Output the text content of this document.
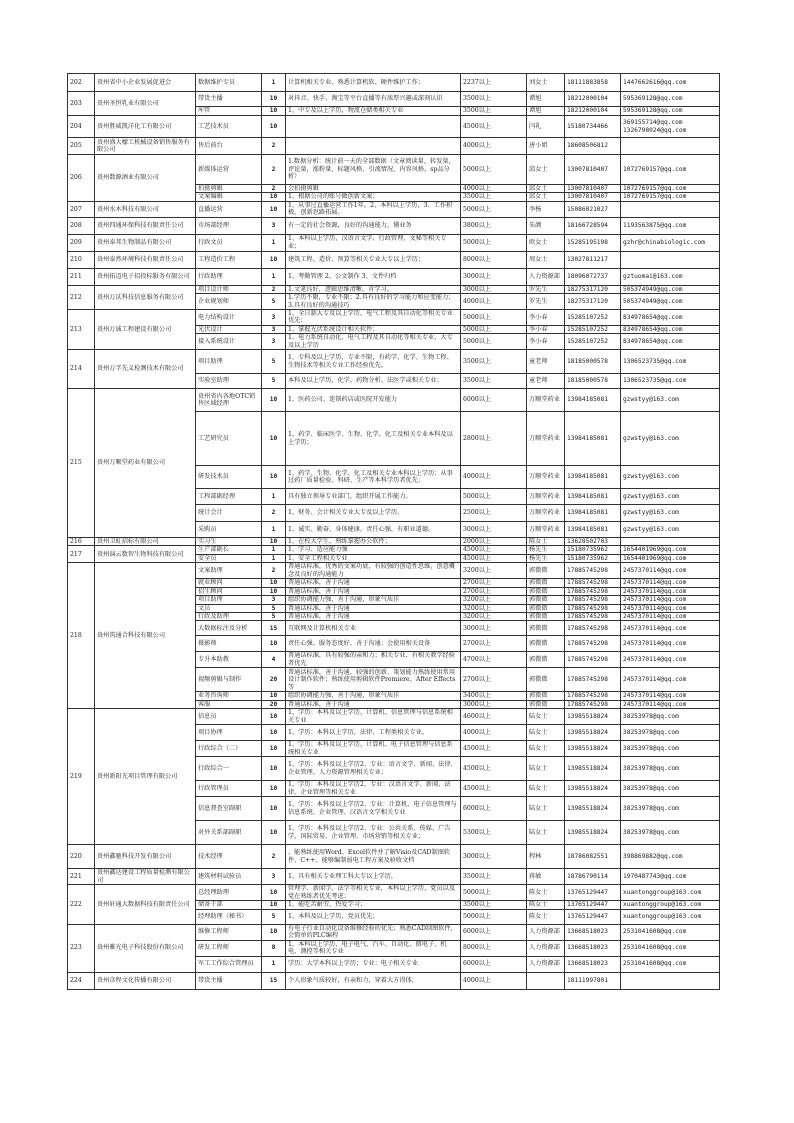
202	贵州省中小企业发展促进会	数据维护专员	1	计算机相关专业、熟悉计算机软、硬件维护工作；	2237以上	刘女士	18111883858	1447662616@qq.com
203	贵州圣恒乳业有限公司	带货主播	10	对抖音、快手、淘宝等平台直播等有浓厚兴趣或深刻认识	3500以上	谭旭	18212000104	595369128@qq.com
		库管	10	1、中专及以上学历，物流仓储类相关专业	3500以上	谭旭	18212000104	595369128@qq.com
204	贵州胜威凯洋化工有限公司	工艺技术员	10		4500以上	闫礼	15180734466	369155714@qq.com
1326798024@qq.com

205	贵州盛大檬工机械设备销售服务有限公司	售后前台	2		4000以上	唐小姐	18608506812	
206	贵州数源酒业有限公司	新媒体运营	2	1.数据分析：统计前一天的全部数据（文章阅读量，转发量，评论量，涨粉量，标题风格，引流情况，内容风格，sp品分析）	5000以上	邱女士	13007810407	1072769157@qq.com
		拍摄剪辑	2	会拍摄剪辑	4000以上	邱女士	13007810407	1072769157@qq.com
		文案编辑	10	1、根据公司的账号做创新文案；	3500以上	邱女士	13007810407	1072769157@qq.com
207	贵州水木科技有限公司	直播运营	10	1、从事过直播运营工作1年。2、本科以上学历，3、工作积极，创新思路拓展。	5000以上	李杨	15086021027	
208	贵州四通环保科技有限责任公司	市场部经理	3	有一定的社会资源，良好的沟通能力，懂业务	3800以上	朱颜	18166728594	1193563875@qq.com
209	贵州泰邦生物制品有限公司	行政文员	1	1、本科以上学历，汉语言文学、行政管理、文秘等相关专业；	5000以上	欧女士	15285195198	gzhr@chinabiologic.com
210	贵州泰然环境科技有限责任公司	工程造价工程	10	建筑工程、造价、预算等相关专业大专以上学历；	8000以上	周女士	13027811217	
211	贵州拓迈电子招投标服务有限公司	行政助理	1	1、考勤管理 2、公文制作 3、文件归档	3000以上	人力资源部	18096072737	gztuomai@163.com
212	贵州万沃科技信息服务有限公司	项目设计师	2	1.文笔良好，逻辑思维清晰，肯学习。	3000以上	罗先生	18275317120	505374949@qq.com
		企业规划师	5	1.学历不限，专业不限；2.具有良好的学习能力和应变能力；3.具有良好的沟通技巧	4000以上	罗先生	18275317120	505374949@qq.com
213	贵州万诚工程建设有限公司	电力结构设计	3	1、全日制大专及以上学历，电气工程及其自动化等相关专业优先；	5000以上	李小春	15285107252	834978654@qq.com
		光伏设计	3	1、掌握光伏系统设计相关软件；	5000以上	李小春	15285107252	834978654@qq.com
		接入系统设计	3	1、电力系统自动化，电气工程及其自动化等相关专业，大专及以上学历	5000以上	李小春	15285107252	834978654@qq.com
214	贵州万孚先义检测技术有限公司	项目助理	5	1、专科及以上学历，专业不限，有药学、化学、生物工程、生物技术等相关专业工作经验优先。	3500以上	童老师	18185000578	1306523735@qq.com
		实验室助理	5	本科及以上学历，化学、药物分析、法医学或相关专业；	3500以上	童老师	18185000578	1306523735@qq.com
215	贵州万顺堂药业有限公司	贵州省内各地OTC销售区域经理	10	1、医药公司、连锁药店或医院开发能力	6000以上	万顺堂药业	13984185081	gzwstyy@163.com
		工艺研究员	10	1、药学、临床医学、生物、化学、化工及相关专业本科及以上学历；	2800以上	万顺堂药业	13984185081	gzwstyy@163.com
		研发技术员	10	1、药学、生物、化学、化工及相关专业本科以上学历；从事过药厂质量检验、科研、生产等本科学历者优先；	4000以上	万顺堂药业	13984185081	gzwstyy@163.com
		工程部副经理	1	具有独立领导专业部门，组织开展工作能力。	5000以上	万顺堂药业	13984185081	gzwstyy@163.com
		统计会计	2	1、财务、会计相关专业大专及以上学历。	2500以上	万顺堂药业	13984185081	gzwstyy@163.com
		采购员	1	1、诚实、勤奋、身体健康，责任心强，有职业道德。	3000以上	万顺堂药业	13984185081	gzwstyy@163.com
216	贵州卫虹招标有限公司	实习生	10	1、在校大学生，熟练掌握办公软件；	2000以上	陈女士	13628502703	
217	贵州演云数智生物科技有限公司	生产部副长	1	1、学习、适应能力强	4500以上	杨先生	15180735962	1654401969@qq.com
		安全员	1	1、安全工程相关专业	4500以上	杨先生	15180735962	1654401969@qq.com
218	贵州筑通合科技有限公司	文案助理	2	普通话标准，优秀的文案功底，有较强的创造性思维，创意概念及良好的沟通能力	3200以上	郭微微	17885745298	2457370114@qq.com
		就业顾问	10	普通话标准，善于沟通	2700以上	郭微微	17885745298	2457370114@qq.com
		招生顾问	10	普通话标准，善于沟通	2700以上	郭微微	17885745298	2457370114@qq.com
		项目助理	3	组织协调能力强，善于沟通，形象气质佳	3200以上	郭微微	17885745298	2457370114@qq.com
		文员	5	普通话标准，善于沟通	3200以上	郭微微	17885745298	2457370114@qq.com
		行政及助理	5	普通话标准，善于沟通	3200以上	郭微微	17885745298	2457370114@qq.com
		大数据标注及分析	15	互联网及计算机相关专业	3000以上	郭微微	17885745298	2457370114@qq.com
		摄影师	10	责任心强、服务态度好、善于沟通；会使用相关设备	2700以上	郭微微	17885745298	2457370114@qq.com
		专升本助教	4	普通话标准，具有较强的亲和力；相关专业，有相关教学经验者优先	4700以上	郭微微	17885745298	2457370114@qq.com
		视频剪辑与制作	20	普通话标准，善于沟通，较强的创新、策划能力熟练使用常用设计制作软件；熟练使用剪辑软件Premiere、After Effects等	2700以上	郭微微	17885745298	2457370114@qq.com
		业务咨询师	10	组织协调能力强，善于沟通，形象气质佳	3400以上	郭微微	17885745298	2457370114@qq.com
		客服	20	普通话标准，善于沟通	3000以上	郭微微	17885745298	2457370114@qq.com
219	贵州新阳光项目管理有限公司	信息员	10	1、学历：本科及以上学历，计算机、信息管理与信息系统相关专业	4600以上	陆女士	13985518824	38253978@qq.com
		项目协理	10	1、学历：本科以上学历，法律、工程类相关专业。	4000以上	陆女士	13985518824	38253978@qq.com
		行政综合（二）	10	1、学历：本科及以上学历，计算机、电子信息管理与信息系统相关专业	4500以上	陆女士	13985518824	38253978@qq.com
		行政综合一	10	1、学历：本科及以上学历2、专业：语言文学、新闻、法律、企业管理、人力资源管理相关专业；	4500以上	陆女士	13985518824	38253978@qq.com
		行政管理员	10	1、学历：本科及以上学历2、专业：汉语言文学、新闻、法律、企业管理等相关专业	4500以上	陆女士	13985518824	38253978@qq.com
		信息督查室副职	10	1、学历：本科及以上学历2、专业：计算机、电子信息管理与信息系统、企业管理、汉语言文学相关专业	6000以上	陆女士	13985518824	38253978@qq.com
		对外关系部副职	10	1、学历：本科及以上学历2、专业：公共关系、传媒、广告学、国际贸易、企业管理、市场营销等相关专业；	5300以上	陆女士	13985518824	38253978@qq.com
220	贵州鑫驰科技开发有限公司	技术经理	2	、能熟练使用Word、Excel软件并了解Visio及CAD制图软件、C++、能够编制弱电工程方案及验收文档	3000以上	程林	18786082551	398869882@qq.com
221	贵州鑫达建设工程质量检测有限公司	建筑材料试验员	3	1、具有相关专业理工科大专以上学历，	3500以上	蒋敏	18786790114	1970487743@qq.com
222	贵州轩通大数据科技有限责任公司	总经理助理	10	管理学、新闻学、法学等相关专业，本科以上学历，党员以及党在熟练者优先考虑；	5000以上	陈女士	13765129447	xuantonggroup@163.com
		储备干部	10	1、能吃苦耐劳，热爱学习；	3500以上	陈女士	13765129447	xuantonggroup@163.com
		经理助理（秘书）	5	1、本科及以上学历，党员优先；	5000以上	陈女士	13765129447	xuantonggroup@163.com
223	贵州雅光电子科技股份有限公司	维修工程师	10	有电子行业自动化设备维修经验的优先；熟悉CAD制图软件，会简单的PLC编程	6000以上	人力资源部	13668518023	2531041608@qq.com
		研发工程师	8	1、本科以上学历，电子电气、汽车、自动化、微电子、机电、测控等相关专业	8000以上	人力资源部	13668518023	2531041608@qq.com
		军工工作综合管理员	1	学历：大学本科以上学历；专业：电子相关专业	6000以上	人力资源部	13668518023	2531041608@qq.com
224	贵州彦程文化传播有限公司	带货主播	15	个人形象气质较好，有亲和力，穿着大方得体，	4000以上		18111997801	
